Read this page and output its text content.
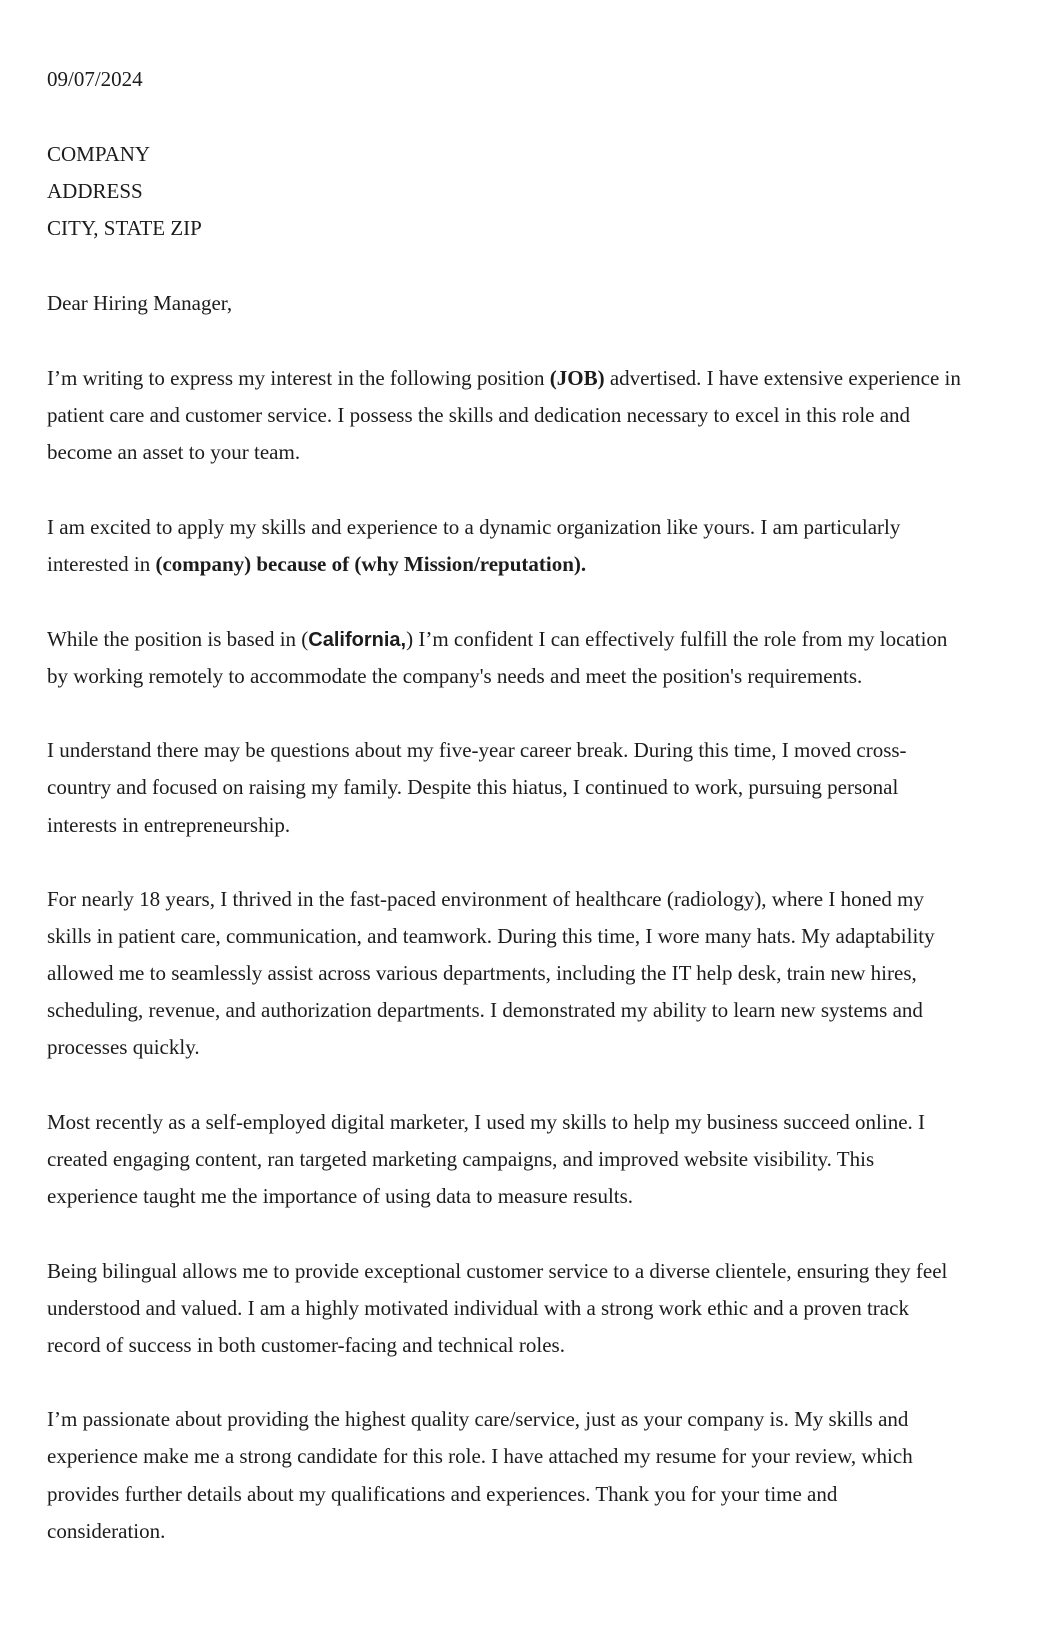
09/07/2024
COMPANY
ADDRESS
CITY, STATE ZIP
Dear Hiring Manager,
I’m writing to express my interest in the following position (JOB) advertised. I have extensive experience in
patient care and customer service. I possess the skills and dedication necessary to excel in this role and
become an asset to your team.
I am excited to apply my skills and experience to a dynamic organization like yours. I am particularly
interested in (company) because of (why Mission/reputation).
While the position is based in (California,) I’m confident I can effectively fulfill the role from my location
by working remotely to accommodate the company's needs and meet the position's requirements.
I understand there may be questions about my five-year career break. During this time, I moved cross-
country and focused on raising my family. Despite this hiatus, I continued to work, pursuing personal
interests in entrepreneurship.
For nearly 18 years, I thrived in the fast-paced environment of healthcare (radiology), where I honed my
skills in patient care, communication, and teamwork. During this time, I wore many hats. My adaptability
allowed me to seamlessly assist across various departments, including the IT help desk, train new hires,
scheduling, revenue, and authorization departments. I demonstrated my ability to learn new systems and
processes quickly.
Most recently as a self-employed digital marketer, I used my skills to help my business succeed online. I
created engaging content, ran targeted marketing campaigns, and improved website visibility. This
experience taught me the importance of using data to measure results.
Being bilingual allows me to provide exceptional customer service to a diverse clientele, ensuring they feel
understood and valued. I am a highly motivated individual with a strong work ethic and a proven track
record of success in both customer-facing and technical roles.
I’m passionate about providing the highest quality care/service, just as your company is. My skills and
experience make me a strong candidate for this role. I have attached my resume for your review, which
provides further details about my qualifications and experiences. Thank you for your time and
consideration.
